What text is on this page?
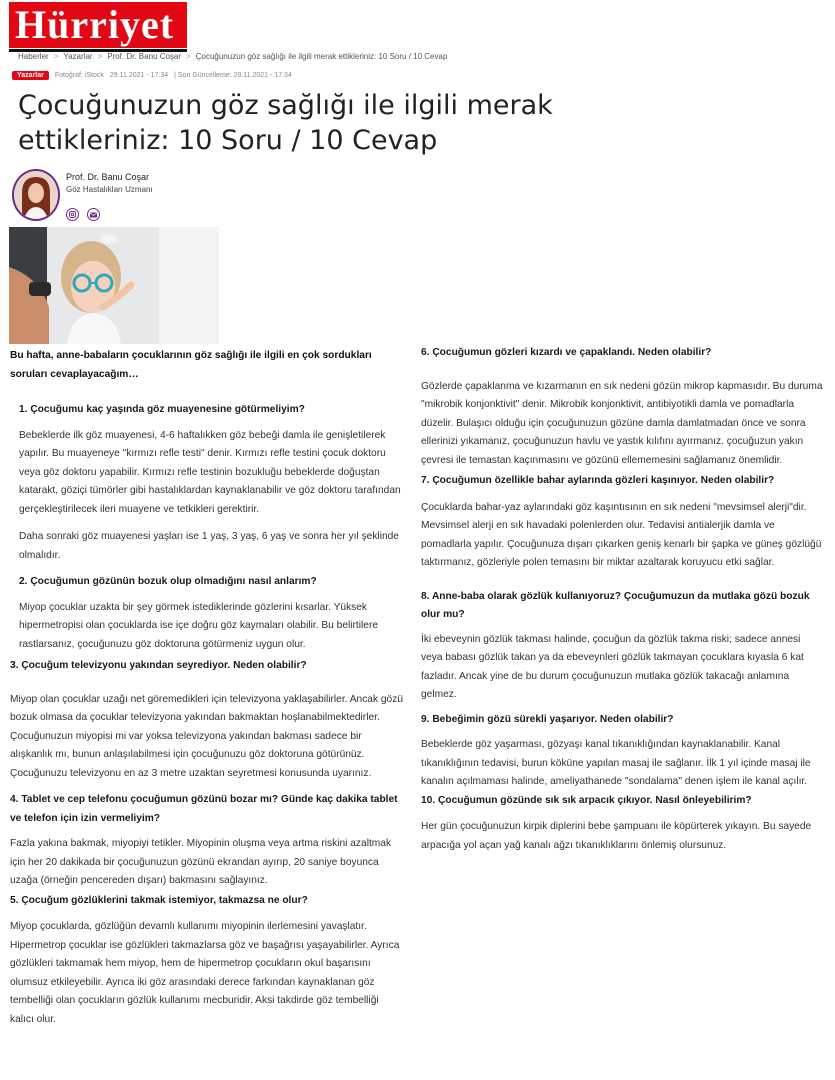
Hürriyet
Haberler > Yazarlar > Prof. Dr. Banu Coşar > Çocuğunuzun göz sağlığı ile ilgili merak ettikleriniz: 10 Soru / 10 Cevap
Yazarlar	Fotoğraf: iStock 29.11.2021 - 17:34 | Son Güncelleme: 29.11.2021 - 17:34
Çocuğunuzun göz sağlığı ile ilgili merak ettikleriniz: 10 Soru / 10 Cevap
Prof. Dr. Banu Coşar
Göz Hastalıkları Uzmanı

Bu hafta, anne-babaların çocuklarının göz sağlığı ile ilgili en çok sordukları soruları cevaplayacağım…

1. Çocuğumu kaç yaşında göz muayenesine götürmeliyim?

Bebeklerde ilk göz muayenesi, 4-6 haftalıkken göz bebeği damla ile genişletilerek yapılır. Bu muayeneye "kırmızı refle testi" denir. Kırmızı refle testini çocuk doktoru veya göz doktoru yapabilir. Kırmızı refle testinin bozukluğu bebeklerde doğuştan katarakt, göziçi tümörler gibi hastalıklardan kaynaklanabilir ve göz doktoru tarafından gerçekleştirilecek ileri muayene ve tetkikleri gerektirir.

Daha sonraki göz muayenesi yaşları ise 1 yaş, 3 yaş, 6 yaş ve sonra her yıl şeklinde olmalıdır.

2. Çocuğumun gözünün bozuk olup olmadığını nasıl anlarım?

Miyop çocuklar uzakta bir şey görmek istediklerinde gözlerini kısarlar. Yüksek hipermetropisi olan çocuklarda ise içe doğru göz kaymaları olabilir. Bu belirtilere rastlarsanız, çocuğunuzu göz doktoruna götürmeniz uygun olur.

3. Çocuğum televizyonu yakından seyrediyor. Neden olabilir?

Miyop olan çocuklar uzağı net göremedikleri için televizyona yaklaşabilirler. Ancak gözü bozuk olmasa da çocuklar televizyona yakından bakmaktan hoşlanabilmektedirler. Çocuğunuzun miyopisi mi var yoksa televizyona yakından bakması sadece bir alışkanlık mı, bunun anlaşılabilmesi için çocuğunuzu göz doktoruna götürünüz. Çocuğunuzu televizyonu en az 3 metre uzaktan seyretmesi konusunda uyarınız.

4. Tablet ve cep telefonu çocuğumun gözünü bozar mı? Günde kaç dakika tablet ve telefon için izin vermeliyim?

Fazla yakına bakmak, miyopiyi tetikler. Miyopinin oluşma veya artma riskini azaltmak için her 20 dakikada bir çocuğunuzun gözünü ekrandan ayırıp, 20 saniye boyunca uzağa (örneğin pencereden dışarı) bakmasını sağlayınız.

5. Çocuğum gözlüklerini takmak istemiyor, takmazsa ne olur?

Miyop çocuklarda, gözlüğün devamlı kullanımı miyopinin ilerlemesini yavaşlatır. Hipermetrop çocuklar ise gözlükleri takmazlarsa göz ve başağrısı yaşayabilirler. Ayrıca gözlükleri takmamak hem miyop, hem de hipermetrop çocukların okul başarısını olumsuz etkileyebilir. Ayrıca iki göz arasındaki derece farkından kaynaklanan göz tembelliği olan çocukların gözlük kullanımı mecburidir. Aksi takdirde göz tembelliği kalıcı olur.

6. Çocuğumun gözleri kızardı ve çapaklandı. Neden olabilir?

Gözlerde çapaklanma ve kızarmanın en sık nedeni gözün mikrop kapmasıdır. Bu duruma "mikrobik konjonktivit" denir. Mikrobik konjonktivit, antibiyotikli damla ve pomadlarla düzelir. Bulaşıcı olduğu için çocuğunuzun gözüne damla damlatmadan önce ve sonra ellerinizi yıkamanız, çocuğunuzun havlu ve yastık kılıfını ayırmanız. çocuğuzun yakın çevresi ile temastan kaçınmasını ve gözünü ellememesini sağlamanız önemlidir.

7. Çocuğumun özellikle bahar aylarında gözleri kaşınıyor. Neden olabilir?

Çocuklarda bahar-yaz aylarındaki göz kaşıntısının en sık nedeni "mevsimsel alerji"dir. Mevsimsel alerji en sık havadaki polenlerden olur. Tedavisi antialerjik damla ve pomadlarla yapılır. Çocuğunuza dışarı çıkarken geniş kenarlı bir şapka ve güneş gözlüğü taktırmanız, gözleriyle polen temasını bir miktar azaltarak koruyucu etki sağlar.

8. Anne-baba olarak gözlük kullanıyoruz? Çocuğumuzun da mutlaka gözü bozuk olur mu?

İki ebeveynin gözlük takması halinde, çocuğun da gözlük takma riski; sadece annesi veya babası gözlük takan ya da ebeveynleri gözlük takmayan çocuklara kıyasla 6 kat fazladır. Ancak yine de bu durum çocuğunuzun mutlaka gözlük takacağı anlamına gelmez.

9. Bebeğimin gözü sürekli yaşarıyor. Neden olabilir?

Bebeklerde göz yaşarması, gözyaşı kanal tıkanıklığından kaynaklanabilir. Kanal tıkanıklığının tedavisi, burun köküne yapılan masaj ile sağlanır. İlk 1 yıl içinde masaj ile kanalın açılmaması halinde, ameliyathanede "sondalama" denen işlem ile kanal açılır.

10. Çocuğumun gözünde sık sık arpacık çıkıyor. Nasıl önleyebilirim?

Her gün çocuğunuzun kirpik diplerini bebe şampuanı ile köpürterek yıkayın. Bu sayede arpacığa yol açan yağ kanalı ağzı tıkanıklıklarını önlemiş olursunuz.
